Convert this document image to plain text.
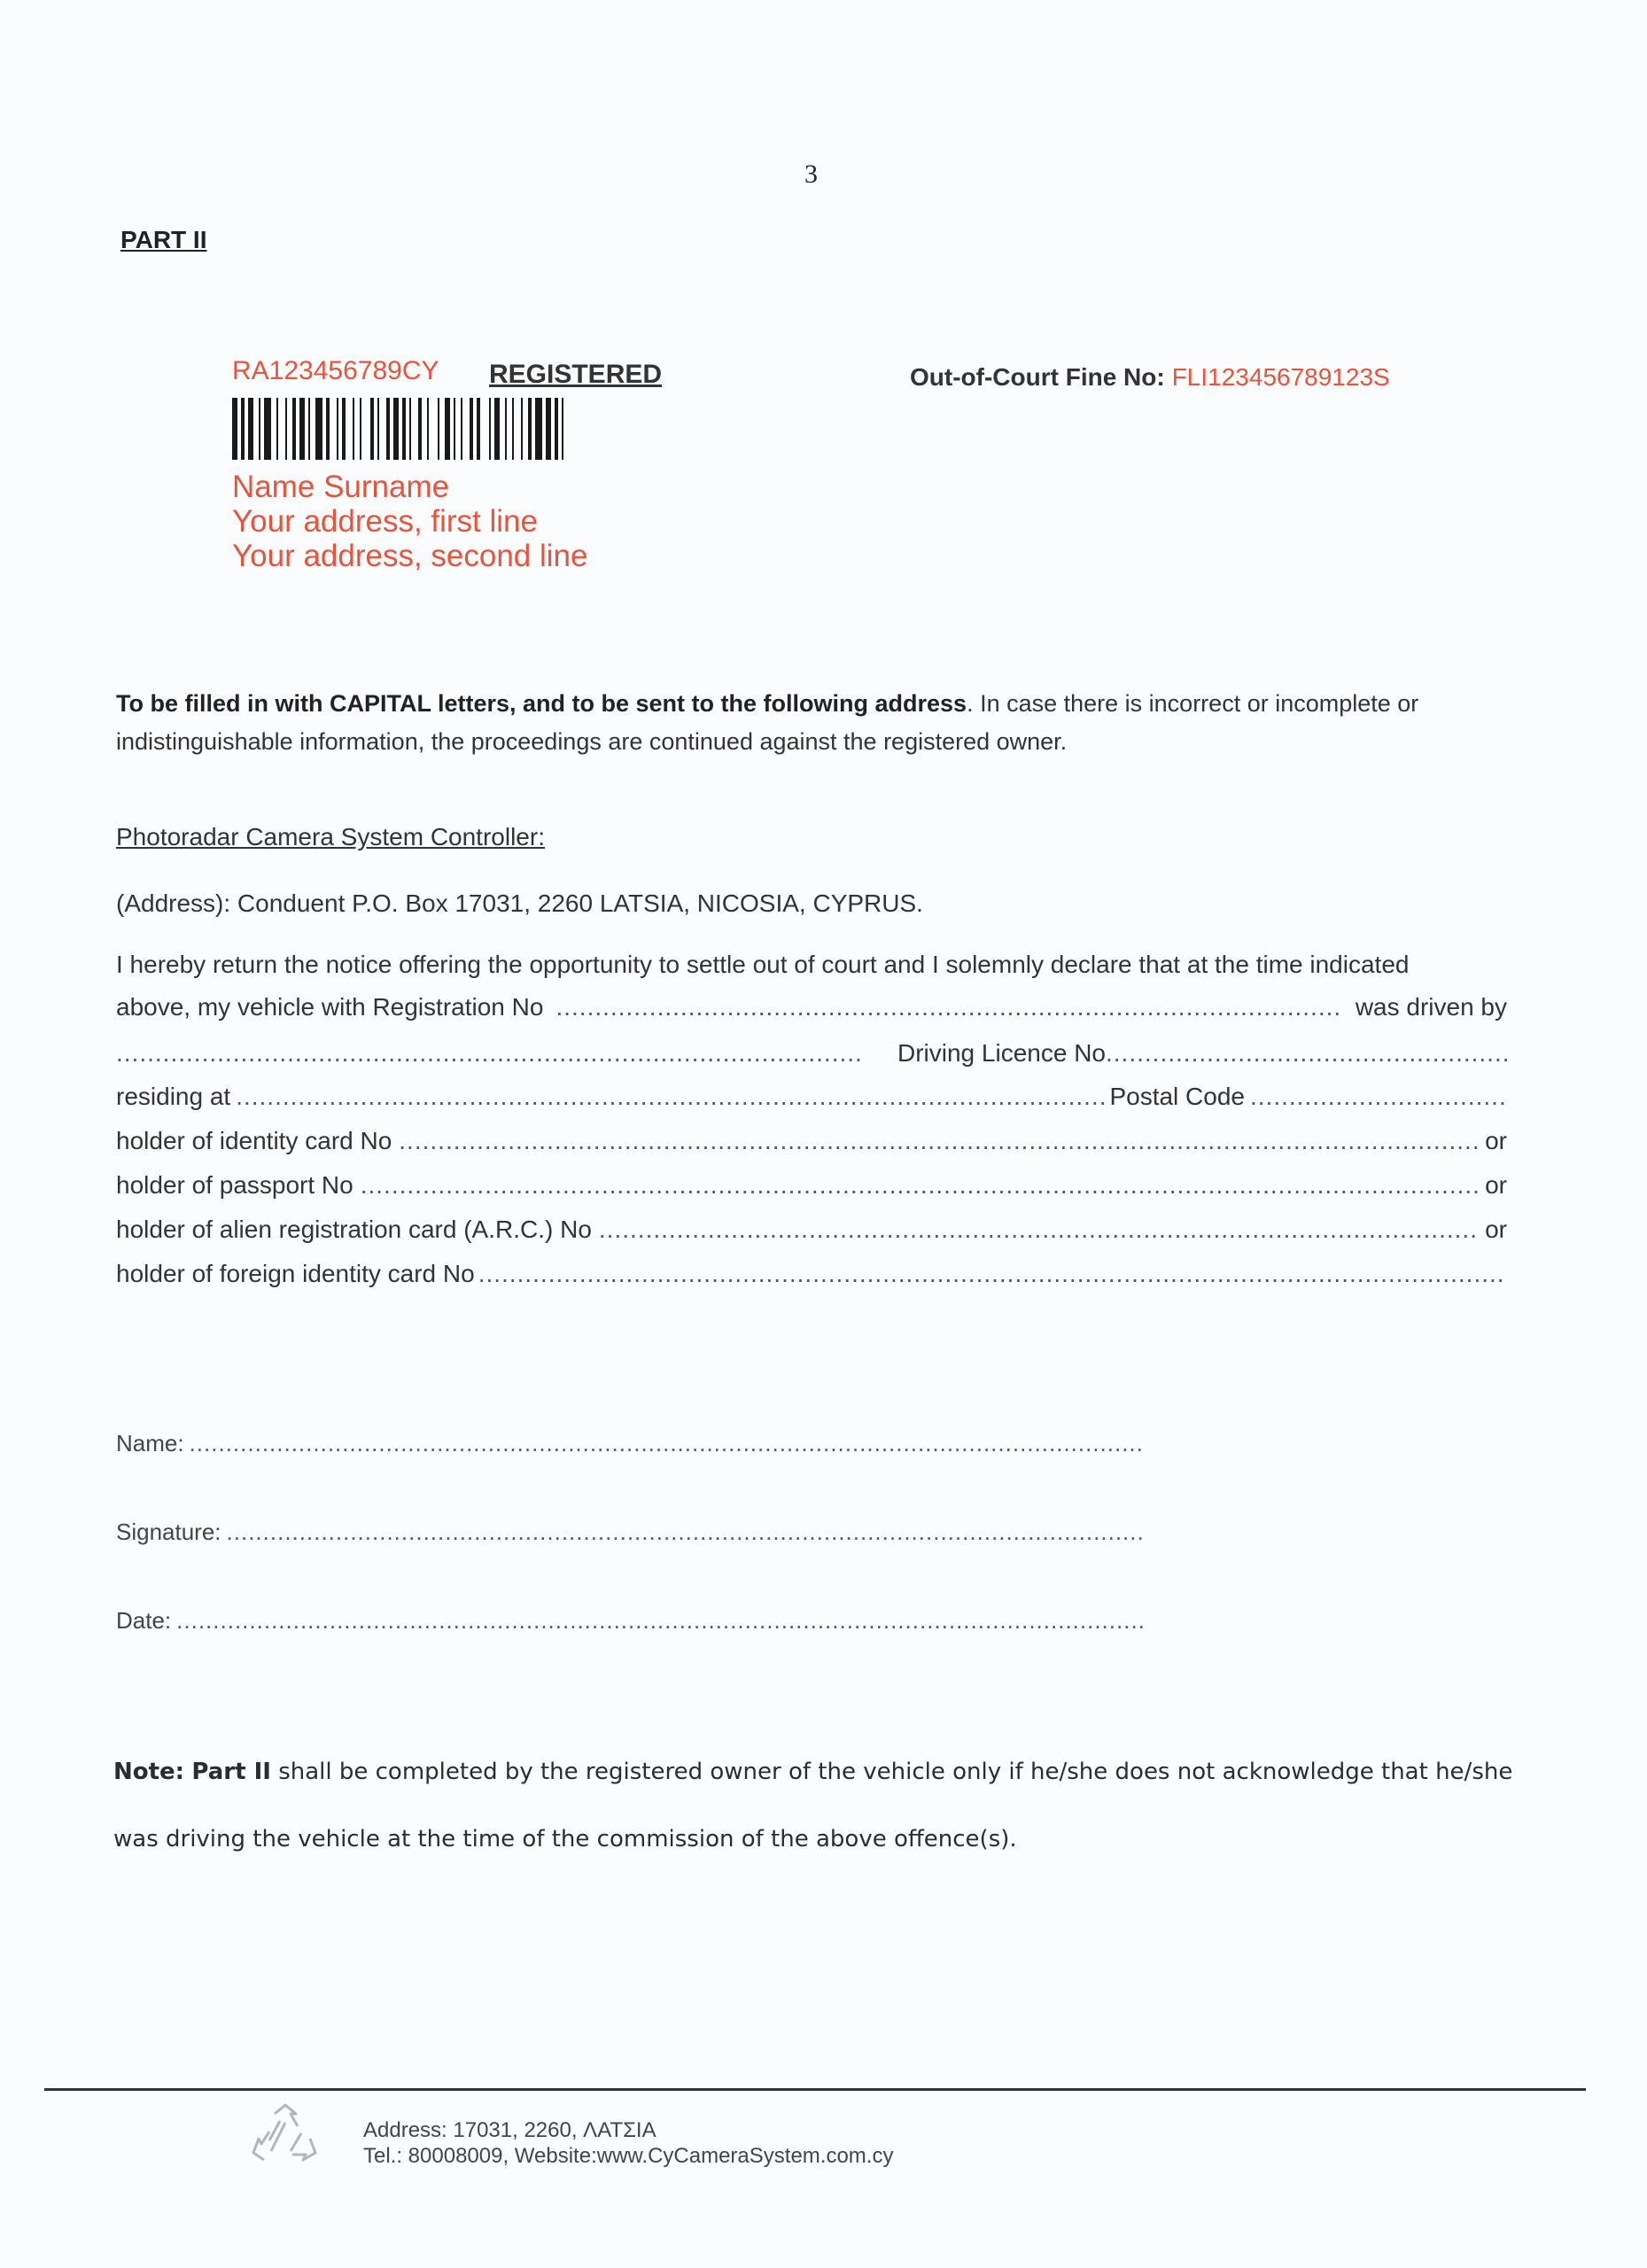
3
PART II
RA123456789CY REGISTERED	Out-of-Court Fine No: FLI123456789123S
Name Surname
Your address, first line
Your address, second line
To be filled in with CAPITAL letters, and to be sent to the following address. In case there is incorrect or incomplete or indistinguishable information, the proceedings are continued against the registered owner.
Photoradar Camera System Controller:
(Address): Conduent P.O. Box 17031, 2260 LATSIA, NICOSIA, CYPRUS.
I hereby return the notice offering the opportunity to settle out of court and I solemnly declare that at the time indicated
above, my vehicle with Registration No .....	was driven by
.....
Driving Licence No
.....
residing at .....	Postal Code
.....
holder of identity card No .....	or
holder of passport No .....	or
holder of alien registration card (A.R.C.) No .....	or
holder of foreign identity card No
.....
Name:
.....
Signature:
.....
Date:
.....
Note: Part II shall be completed by the registered owner of the vehicle only if he/she does not acknowledge that he/she
was driving the vehicle at the time of the commission of the above offence(s).
Address: 17031, 2260, ΛΑΤΣΙΑ
Tel.: 80008009, Website:www.CyCameraSystem.com.cy
